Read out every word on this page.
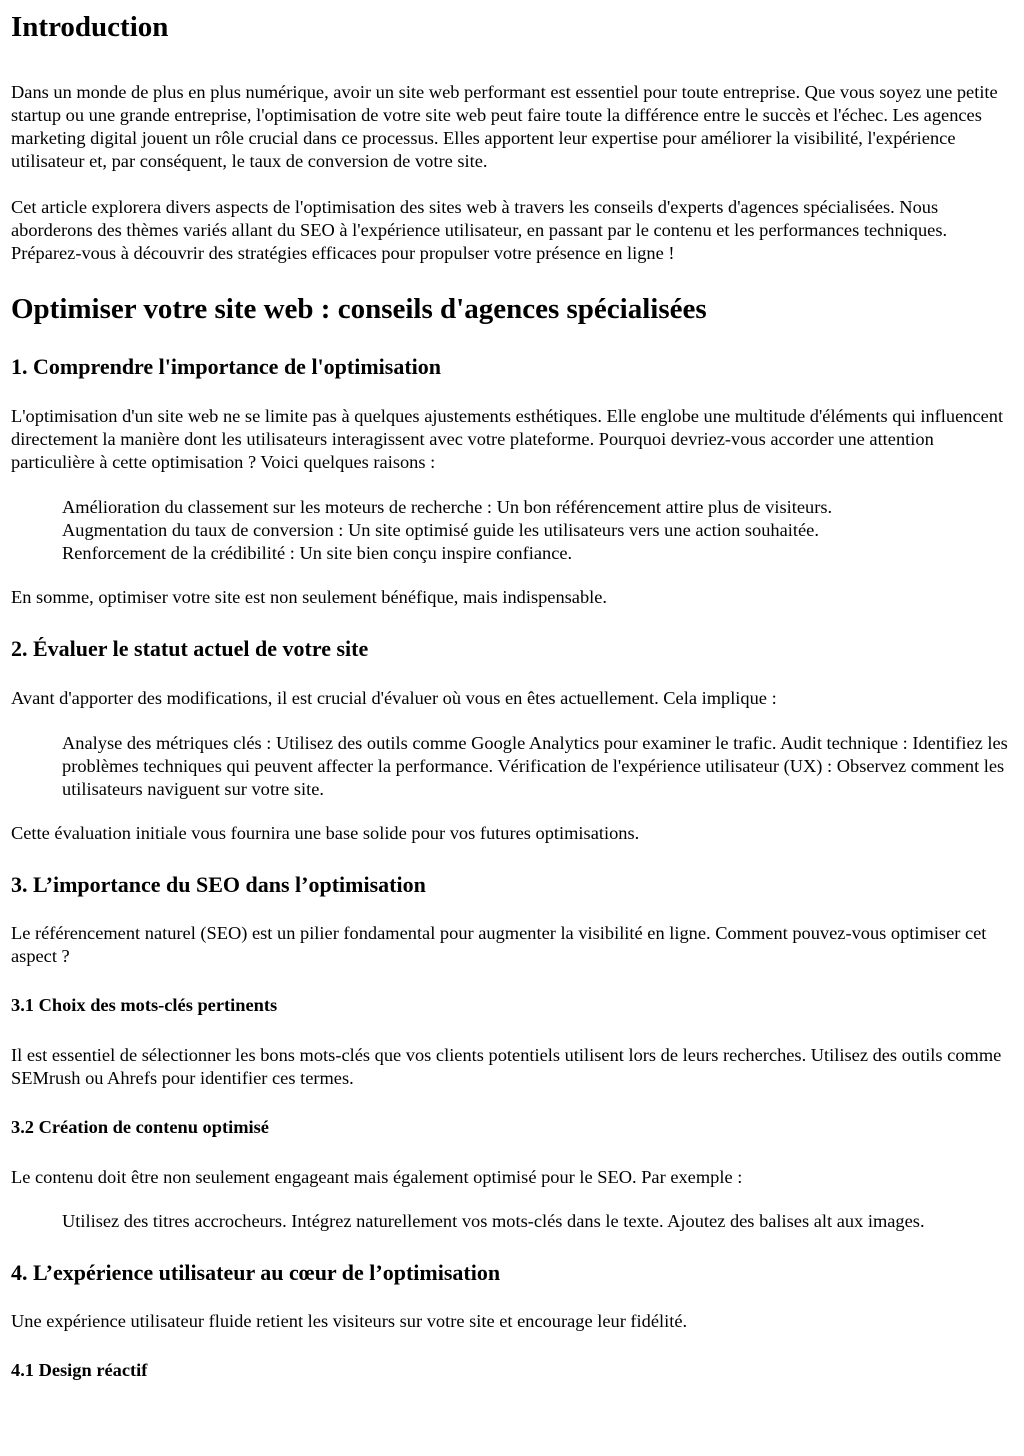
Introduction

Dans un monde de plus en plus numérique, avoir un site web performant est essentiel pour toute entreprise. Que vous soyez une petite startup ou une grande entreprise, l'optimisation de votre site web peut faire toute la différence entre le succès et l'échec. Les agences marketing digital jouent un rôle crucial dans ce processus. Elles apportent leur expertise pour améliorer la visibilité, l'expérience utilisateur et, par conséquent, le taux de conversion de votre site.

Cet article explorera divers aspects de l'optimisation des sites web à travers les conseils d'experts d'agences spécialisées. Nous aborderons des thèmes variés allant du SEO à l'expérience utilisateur, en passant par le contenu et les performances techniques. Préparez-vous à découvrir des stratégies efficaces pour propulser votre présence en ligne !

Optimiser votre site web : conseils d'agences spécialisées
1. Comprendre l'importance de l'optimisation

L'optimisation d'un site web ne se limite pas à quelques ajustements esthétiques. Elle englobe une multitude d'éléments qui influencent directement la manière dont les utilisateurs interagissent avec votre plateforme. Pourquoi devriez-vous accorder une attention particulière à cette optimisation ? Voici quelques raisons :

Amélioration du classement sur les moteurs de recherche : Un bon référencement attire plus de visiteurs.
Augmentation du taux de conversion : Un site optimisé guide les utilisateurs vers une action souhaitée.
Renforcement de la crédibilité : Un site bien conçu inspire confiance.

En somme, optimiser votre site est non seulement bénéfique, mais indispensable.

2. Évaluer le statut actuel de votre site

Avant d'apporter des modifications, il est crucial d'évaluer où vous en êtes actuellement. Cela implique :

Analyse des métriques clés : Utilisez des outils comme Google Analytics pour examiner le trafic. Audit technique : Identifiez les problèmes techniques qui peuvent affecter la performance. Vérification de l'expérience utilisateur (UX) : Observez comment les utilisateurs naviguent sur votre site.

Cette évaluation initiale vous fournira une base solide pour vos futures optimisations.

3. L’importance du SEO dans l’optimisation

Le référencement naturel (SEO) est un pilier fondamental pour augmenter la visibilité en ligne. Comment pouvez-vous optimiser cet aspect ?

3.1 Choix des mots-clés pertinents

Il est essentiel de sélectionner les bons mots-clés que vos clients potentiels utilisent lors de leurs recherches. Utilisez des outils comme SEMrush ou Ahrefs pour identifier ces termes.

3.2 Création de contenu optimisé

Le contenu doit être non seulement engageant mais également optimisé pour le SEO. Par exemple :

Utilisez des titres accrocheurs. Intégrez naturellement vos mots-clés dans le texte. Ajoutez des balises alt aux images.

4. L’expérience utilisateur au cœur de l’optimisation

Une expérience utilisateur fluide retient les visiteurs sur votre site et encourage leur fidélité.

4.1 Design réactif
